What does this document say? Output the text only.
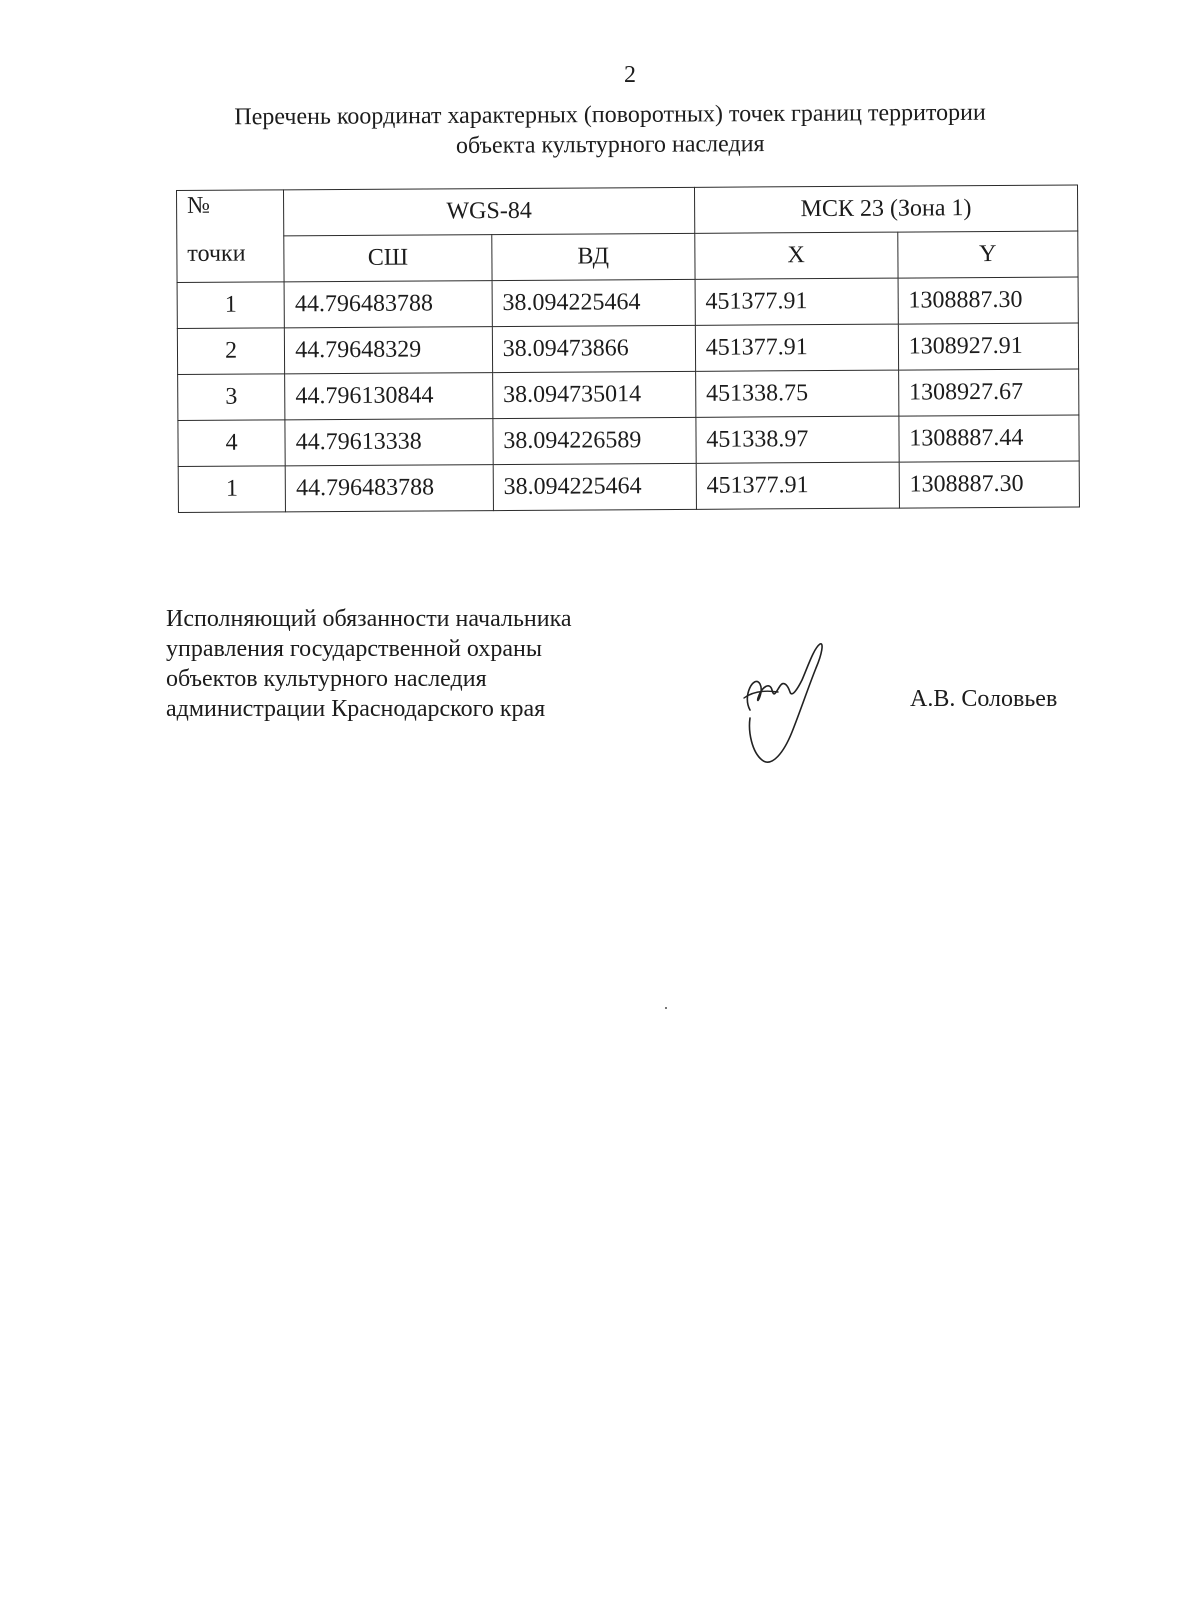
2
Перечень координат характерных (поворотных) точек границ территории
объекта культурного наследия
№
точки	WGS-84		МСК 23 (Зона 1)	
	СШ	ВД	X	Y
1	44.796483788	38.094225464	451377.91	1308887.30
2	44.79648329	38.09473866	451377.91	1308927.91
3	44.796130844	38.094735014	451338.75	1308927.67
4	44.79613338	38.094226589	451338.97	1308887.44
1	44.796483788	38.094225464	451377.91	1308887.30
Исполняющий обязанности начальника
управления государственной охраны
объектов культурного наследия
администрации Краснодарского края	А.В. Соловьев
